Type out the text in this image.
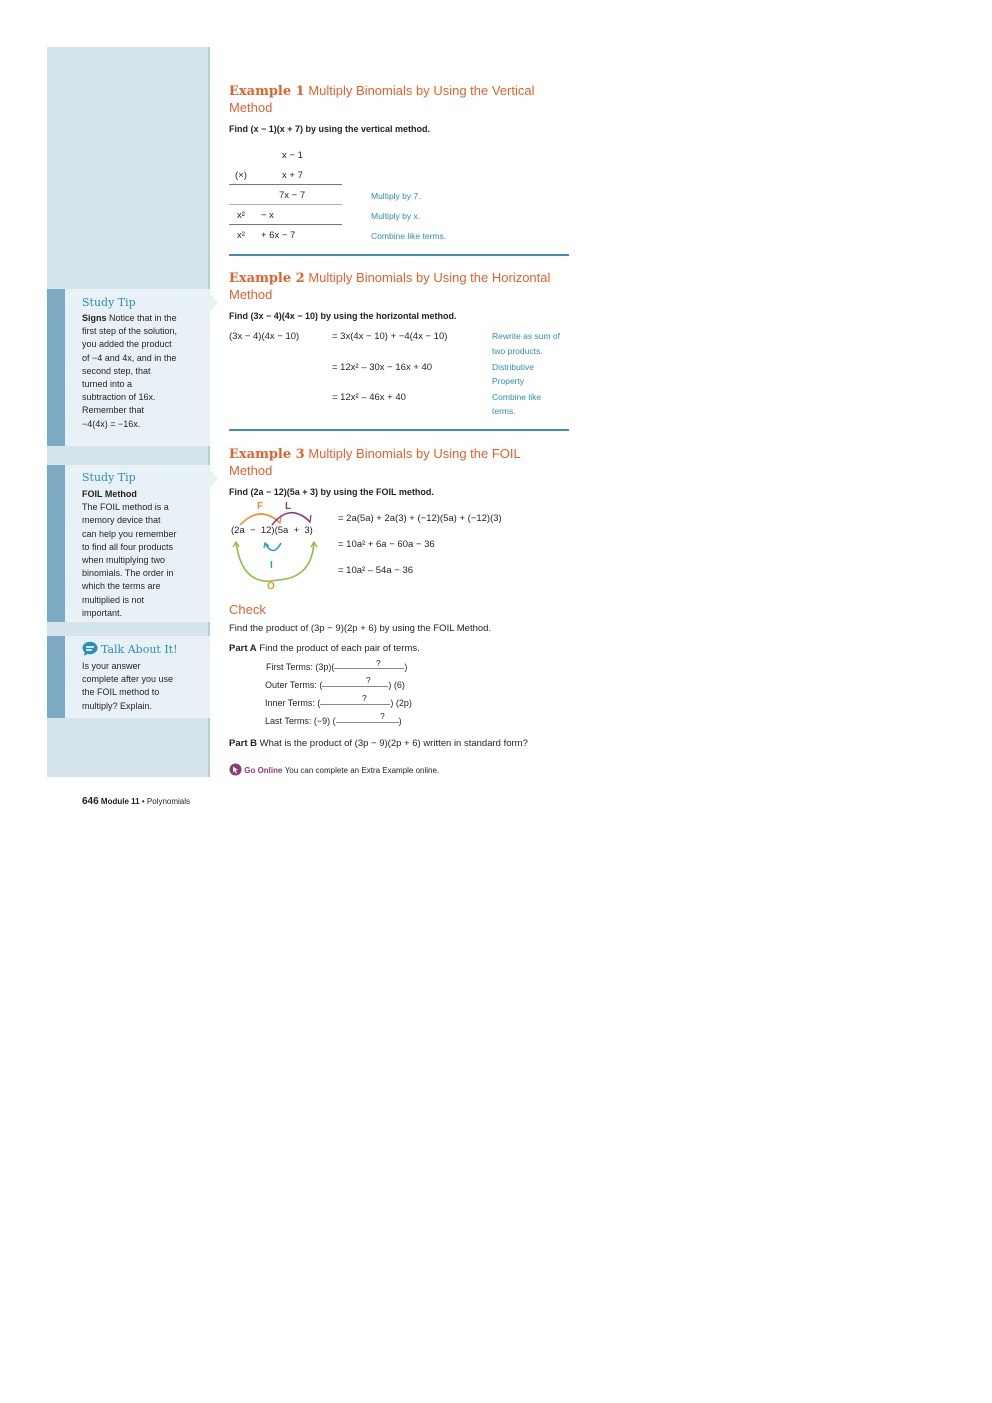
Study Tip
Signs Notice that in the
first step of the solution,
you added the product
of −4 and 4x, and in the
second step, that
turned into a
subtraction of 16x.
Remember that
−4(4x) = −16x.
Study Tip
FOIL Method
The FOIL method is a
memory device that
can help you remember
to find all four products
when multiplying two
binomials. The order in
which the terms are
multiplied is not
important.
Talk About It!
Is your answer
complete after you use
the FOIL method to
multiply? Explain.
Example 1 Multiply Binomials by Using the Vertical
Method
Find (x − 1)(x + 7) by using the vertical method.
x − 1
(×)	x + 7
7x − 7	Multiply by 7.
x² − x	Multiply by x.
x² + 6x − 7	Combine like terms.
Example 2 Multiply Binomials by Using the Horizontal
Method
Find (3x − 4)(4x − 10) by using the horizontal method.
(3x − 4)(4x − 10)	= 3x(4x − 10) + −4(4x − 10)	Rewrite as sum of
two products.
= 12x² – 30x − 16x + 40	Distributive
Property
= 12x² – 46x + 40	Combine like
terms.
Example 3 Multiply Binomials by Using the FOIL
Method
Find (2a − 12)(5a + 3) by using the FOIL method.
F L
(2a  −  12)(5a  +  3)
I
O
= 2a(5a) + 2a(3) + (−12)(5a) + (−12)(3)
= 10a² + 6a − 60a − 36
= 10a² – 54a − 36
Check
Find the product of (3p − 9)(2p + 6) by using the FOIL Method.
Part A Find the product of each pair of terms.
First Terms: (3p)(	)
?
Outer Terms: (	) (6)
?
Inner Terms: (	) (2p)
?
Last Terms: (−9) (	)
?
Part B What is the product of (3p − 9)(2p + 6) written in standard form?
Go Online You can complete an Extra Example online.
646 Module 11 • Polynomials
